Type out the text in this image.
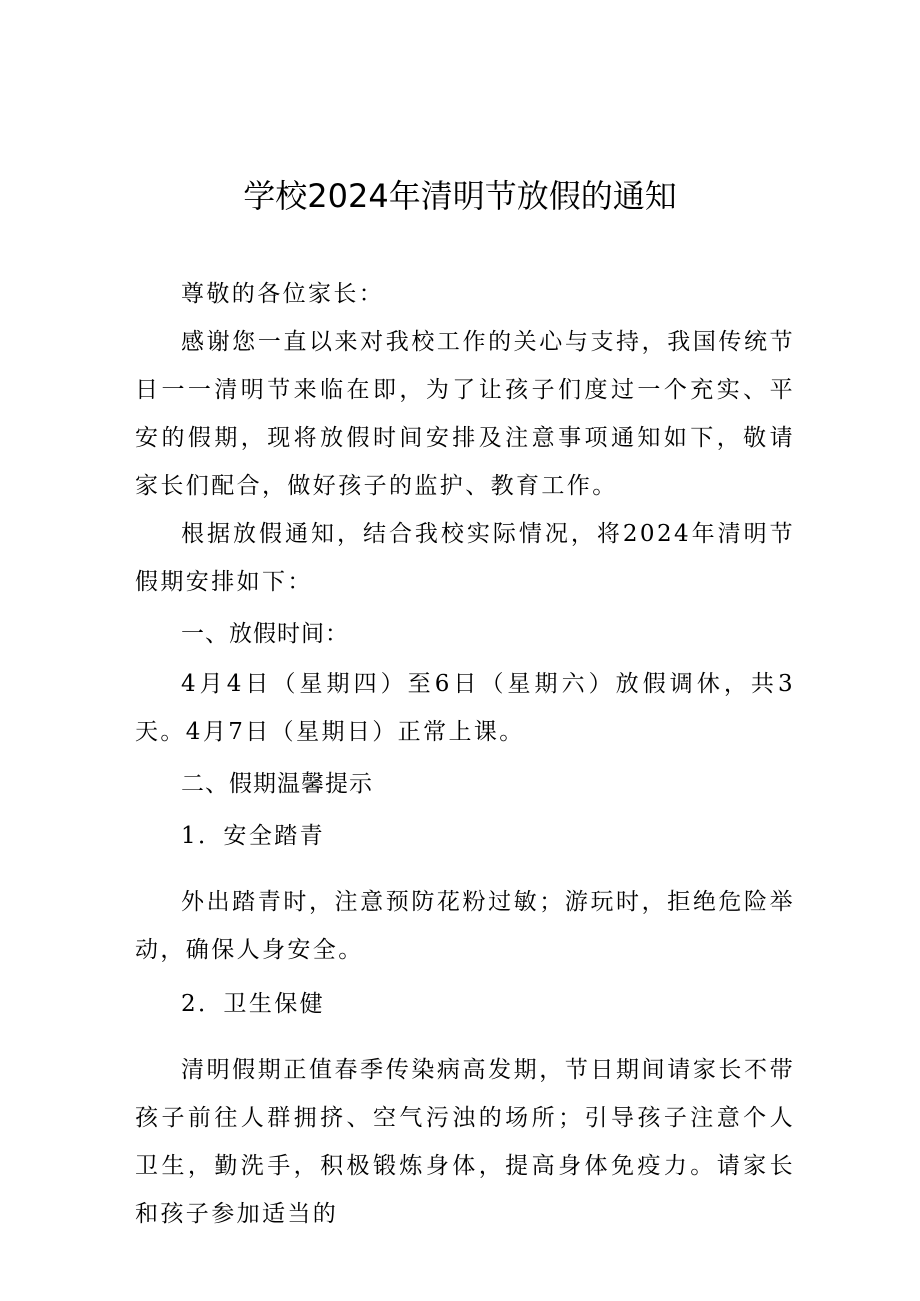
学校2024年清明节放假的通知
尊敬的各位家长：

感谢您一直以来对我校工作的关心与支持，我国传统节日一一清明节来临在即，为了让孩子们度过一个充实、平安的假期，现将放假时间安排及注意事项通知如下，敬请家长们配合，做好孩子的监护、教育工作。

根据放假通知，结合我校实际情况，将2024年清明节假期安排如下：

一、放假时间：

4月4日（星期四）至6日（星期六）放假调休，共3天。4月7日（星期日）正常上课。

二、假期温馨提示
1．安全踏青

外出踏青时，注意预防花粉过敏；游玩时，拒绝危险举动，确保人身安全。

2．卫生保健

清明假期正值春季传染病高发期，节日期间请家长不带孩子前往人群拥挤、空气污浊的场所；引导孩子注意个人卫生，勤洗手，积极锻炼身体，提高身体免疫力。请家长和孩子参加适当的
